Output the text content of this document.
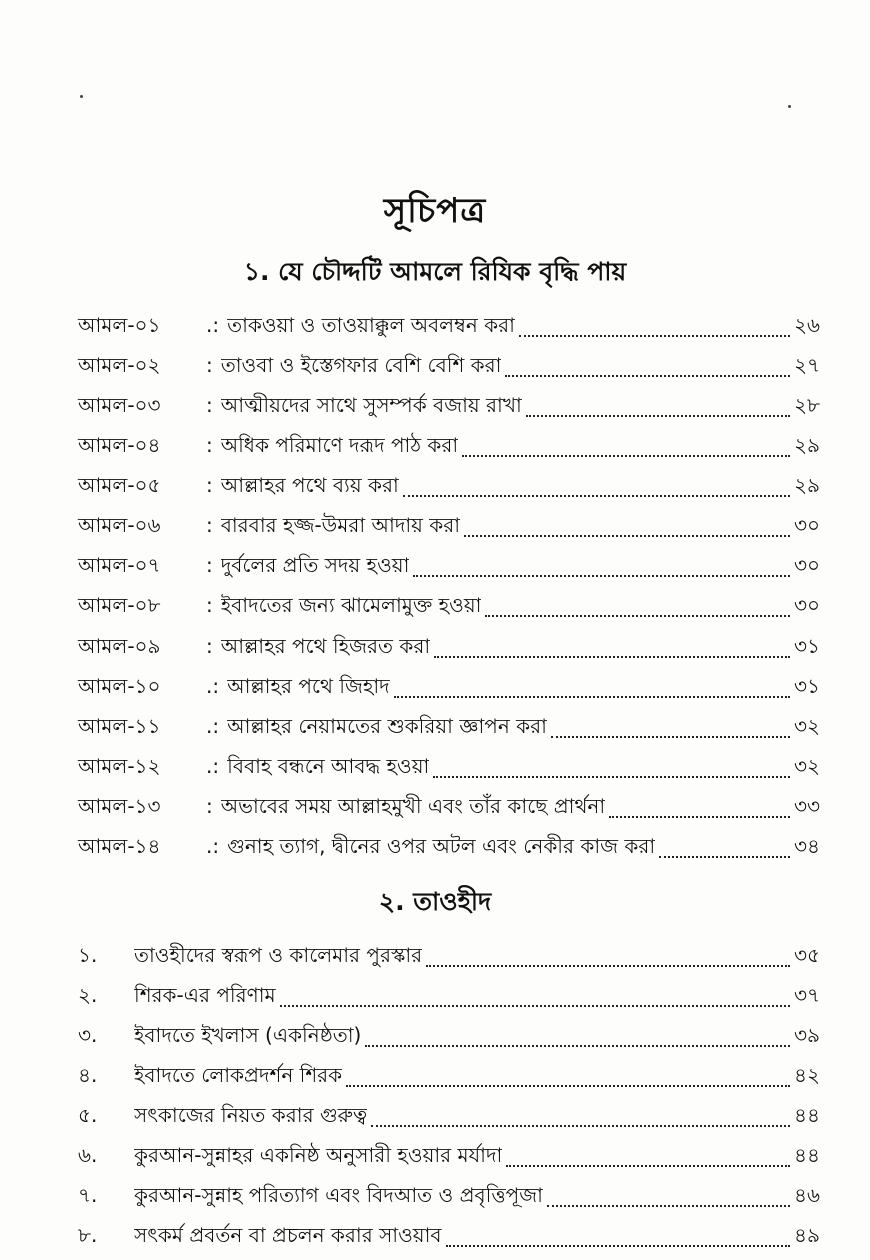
সূচিপত্র
১. যে চৌদ্দটি আমলে রিযিক বৃদ্ধি পায়
আমল-০১	.: তাকওয়া ও তাওয়াক্কুল অবলম্বন করা	২৬
আমল-০২	: তাওবা ও ইস্তেগফার বেশি বেশি করা	২৭
আমল-০৩	: আত্মীয়দের সাথে সুসম্পর্ক বজায় রাখা	২৮
আমল-০৪	: অধিক পরিমাণে দরূদ পাঠ করা	২৯
আমল-০৫	: আল্লাহর পথে ব্যয় করা	২৯
আমল-০৬	: বারবার হজ্জ-উমরা আদায় করা	৩০
আমল-০৭	: দুর্বলের প্রতি সদয় হওয়া	৩০
আমল-০৮	: ইবাদতের জন্য ঝামেলামুক্ত হওয়া	৩০
আমল-০৯	: আল্লাহর পথে হিজরত করা	৩১
আমল-১০	.: আল্লাহর পথে জিহাদ	৩১
আমল-১১	.: আল্লাহর নেয়ামতের শুকরিয়া জ্ঞাপন করা	৩২
আমল-১২	.: বিবাহ বন্ধনে আবদ্ধ হওয়া	৩২
আমল-১৩	: অভাবের সময় আল্লাহমুখী এবং তাঁর কাছে প্রার্থনা	৩৩
আমল-১৪	.: গুনাহ ত্যাগ, দ্বীনের ওপর অটল এবং নেকীর কাজ করা	৩৪
২. তাওহীদ
১.	তাওহীদের স্বরূপ ও কালেমার পুরস্কার	৩৫
২.	শিরক-এর পরিণাম	৩৭
৩.	ইবাদতে ইখলাস (একনিষ্ঠতা)	৩৯
৪.	ইবাদতে লোকপ্রদর্শন শিরক	৪২
৫.	সৎকাজের নিয়ত করার গুরুত্ব	৪৪
৬.	কুরআন-সুন্নাহর একনিষ্ঠ অনুসারী হওয়ার মর্যাদা	৪৪
৭.	কুরআন-সুন্নাহ পরিত্যাগ এবং বিদআত ও প্রবৃত্তিপূজা	৪৬
৮.	সৎকর্ম প্রবর্তন বা প্রচলন করার সাওয়াব	৪৯
